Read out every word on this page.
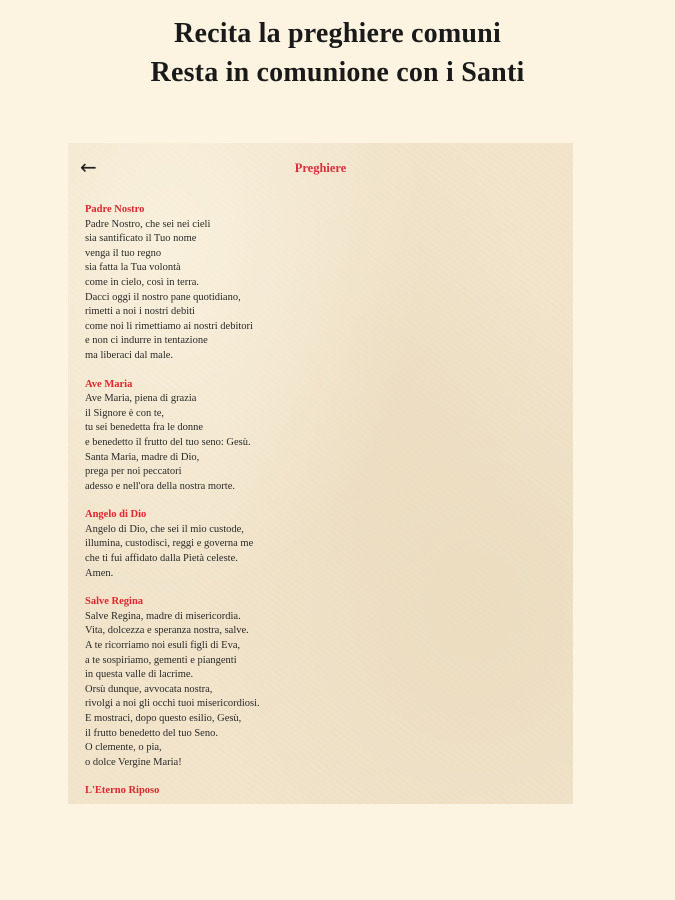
Recita la preghiere comuni
Resta in comunione con i Santi
←	Preghiere
Padre Nostro
Padre Nostro, che sei nei cieli
sia santificato il Tuo nome
venga il tuo regno
sia fatta la Tua volontà
come in cielo, così in terra.
Dacci oggi il nostro pane quotidiano,
rimetti a noi i nostri debiti
come noi li rimettiamo ai nostri debitori
e non ci indurre in tentazione
ma liberaci dal male.
Ave Maria
Ave Maria, piena di grazia
il Signore è con te,
tu sei benedetta fra le donne
e benedetto il frutto del tuo seno: Gesù.
Santa Maria, madre di Dio,
prega per noi peccatori
adesso e nell'ora della nostra morte.
Angelo di Dio
Angelo di Dio, che sei il mio custode,
illumina, custodisci, reggi e governa me
che ti fui affidato dalla Pietà celeste.
Amen.
Salve Regina
Salve Regina, madre di misericordia.
Vita, dolcezza e speranza nostra, salve.
A te ricorriamo noi esuli figli di Eva,
a te sospiriamo, gementi e piangenti
in questa valle di lacrime.
Orsù dunque, avvocata nostra,
rivolgi a noi gli occhi tuoi misericordiosi.
E mostraci, dopo questo esilio, Gesù,
il frutto benedetto del tuo Seno.
O clemente, o pia,
o dolce Vergine Maria!
L'Eterno Riposo
